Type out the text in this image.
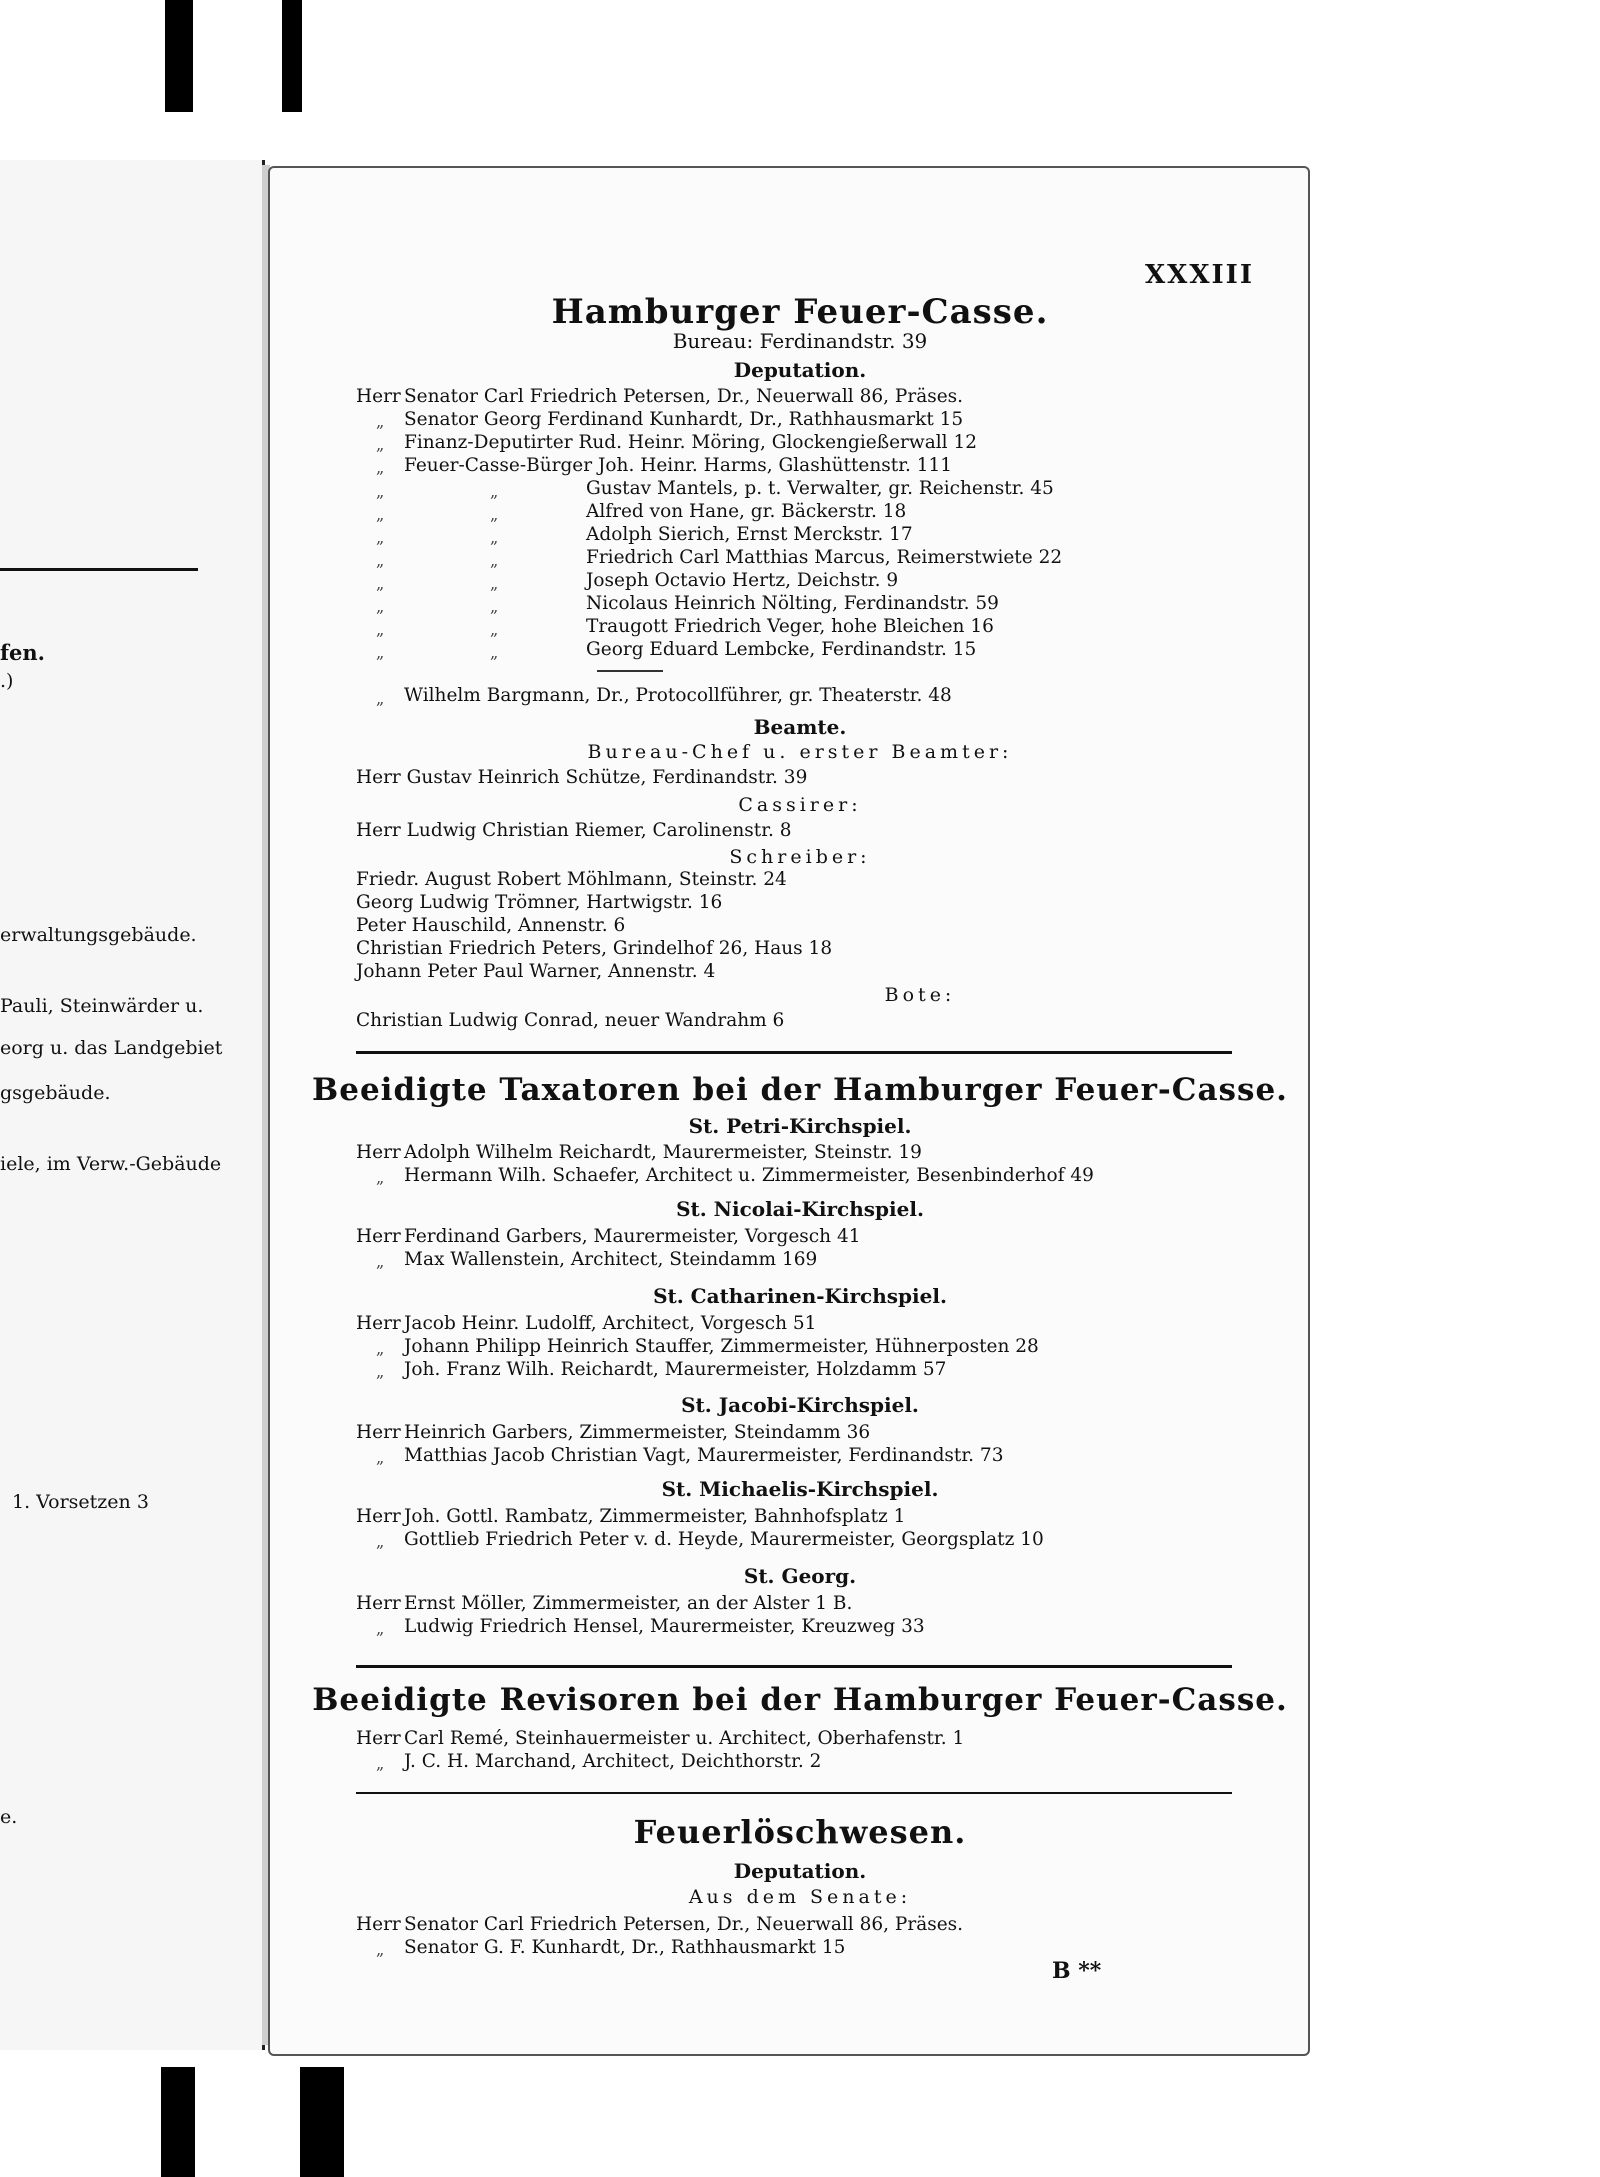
fen.
.)
erwaltungsgebäude.
Pauli, Steinwärder u.
eorg u. das Landgebiet
gsgebäude.
iele, im Verw.-Gebäude
1. Vorsetzen 3
e.
XXXIII
Hamburger Feuer-Casse.
Bureau: Ferdinandstr. 39
Deputation.
Herr Senator Carl Friedrich Petersen, Dr., Neuerwall 86, Präses.
„ Senator Georg Ferdinand Kunhardt, Dr., Rathhausmarkt 15
„ Finanz-Deputirter Rud. Heinr. Möring, Glockengießerwall 12
„ Feuer-Casse-Bürger Joh. Heinr. Harms, Glashüttenstr. 111
„	„	Gustav Mantels, p. t. Verwalter, gr. Reichenstr. 45
„	„	Alfred von Hane, gr. Bäckerstr. 18
„	„	Adolph Sierich, Ernst Merckstr. 17
„	„	Friedrich Carl Matthias Marcus, Reimerstwiete 22
„	„	Joseph Octavio Hertz, Deichstr. 9
„	„	Nicolaus Heinrich Nölting, Ferdinandstr. 59
„	„	Traugott Friedrich Veger, hohe Bleichen 16
„	„	Georg Eduard Lembcke, Ferdinandstr. 15
„ Wilhelm Bargmann, Dr., Protocollführer, gr. Theaterstr. 48
Beamte.
Bureau-Chef u. erster Beamter:
Herr Gustav Heinrich Schütze, Ferdinandstr. 39
Cassirer:
Herr Ludwig Christian Riemer, Carolinenstr. 8
Schreiber:
Friedr. August Robert Möhlmann, Steinstr. 24
Georg Ludwig Trömner, Hartwigstr. 16
Peter Hauschild, Annenstr. 6
Christian Friedrich Peters, Grindelhof 26, Haus 18
Johann Peter Paul Warner, Annenstr. 4
Bote:
Christian Ludwig Conrad, neuer Wandrahm 6
Beeidigte Taxatoren bei der Hamburger Feuer-Casse.
St. Petri-Kirchspiel.
Herr Adolph Wilhelm Reichardt, Maurermeister, Steinstr. 19
„ Hermann Wilh. Schaefer, Architect u. Zimmermeister, Besenbinderhof 49
St. Nicolai-Kirchspiel.
Herr Ferdinand Garbers, Maurermeister, Vorgesch 41
„ Max Wallenstein, Architect, Steindamm 169
St. Catharinen-Kirchspiel.
Herr Jacob Heinr. Ludolff, Architect, Vorgesch 51
„ Johann Philipp Heinrich Stauffer, Zimmermeister, Hühnerposten 28
„ Joh. Franz Wilh. Reichardt, Maurermeister, Holzdamm 57
St. Jacobi-Kirchspiel.
Herr Heinrich Garbers, Zimmermeister, Steindamm 36
„ Matthias Jacob Christian Vagt, Maurermeister, Ferdinandstr. 73
St. Michaelis-Kirchspiel.
Herr Joh. Gottl. Rambatz, Zimmermeister, Bahnhofsplatz 1
„ Gottlieb Friedrich Peter v. d. Heyde, Maurermeister, Georgsplatz 10
St. Georg.
Herr Ernst Möller, Zimmermeister, an der Alster 1 B.
„ Ludwig Friedrich Hensel, Maurermeister, Kreuzweg 33
Beeidigte Revisoren bei der Hamburger Feuer-Casse.
Herr Carl Remé, Steinhauermeister u. Architect, Oberhafenstr. 1
„ J. C. H. Marchand, Architect, Deichthorstr. 2
Feuerlöschwesen.
Deputation.
Aus dem Senate:
Herr Senator Carl Friedrich Petersen, Dr., Neuerwall 86, Präses.
„ Senator G. F. Kunhardt, Dr., Rathhausmarkt 15
B **
